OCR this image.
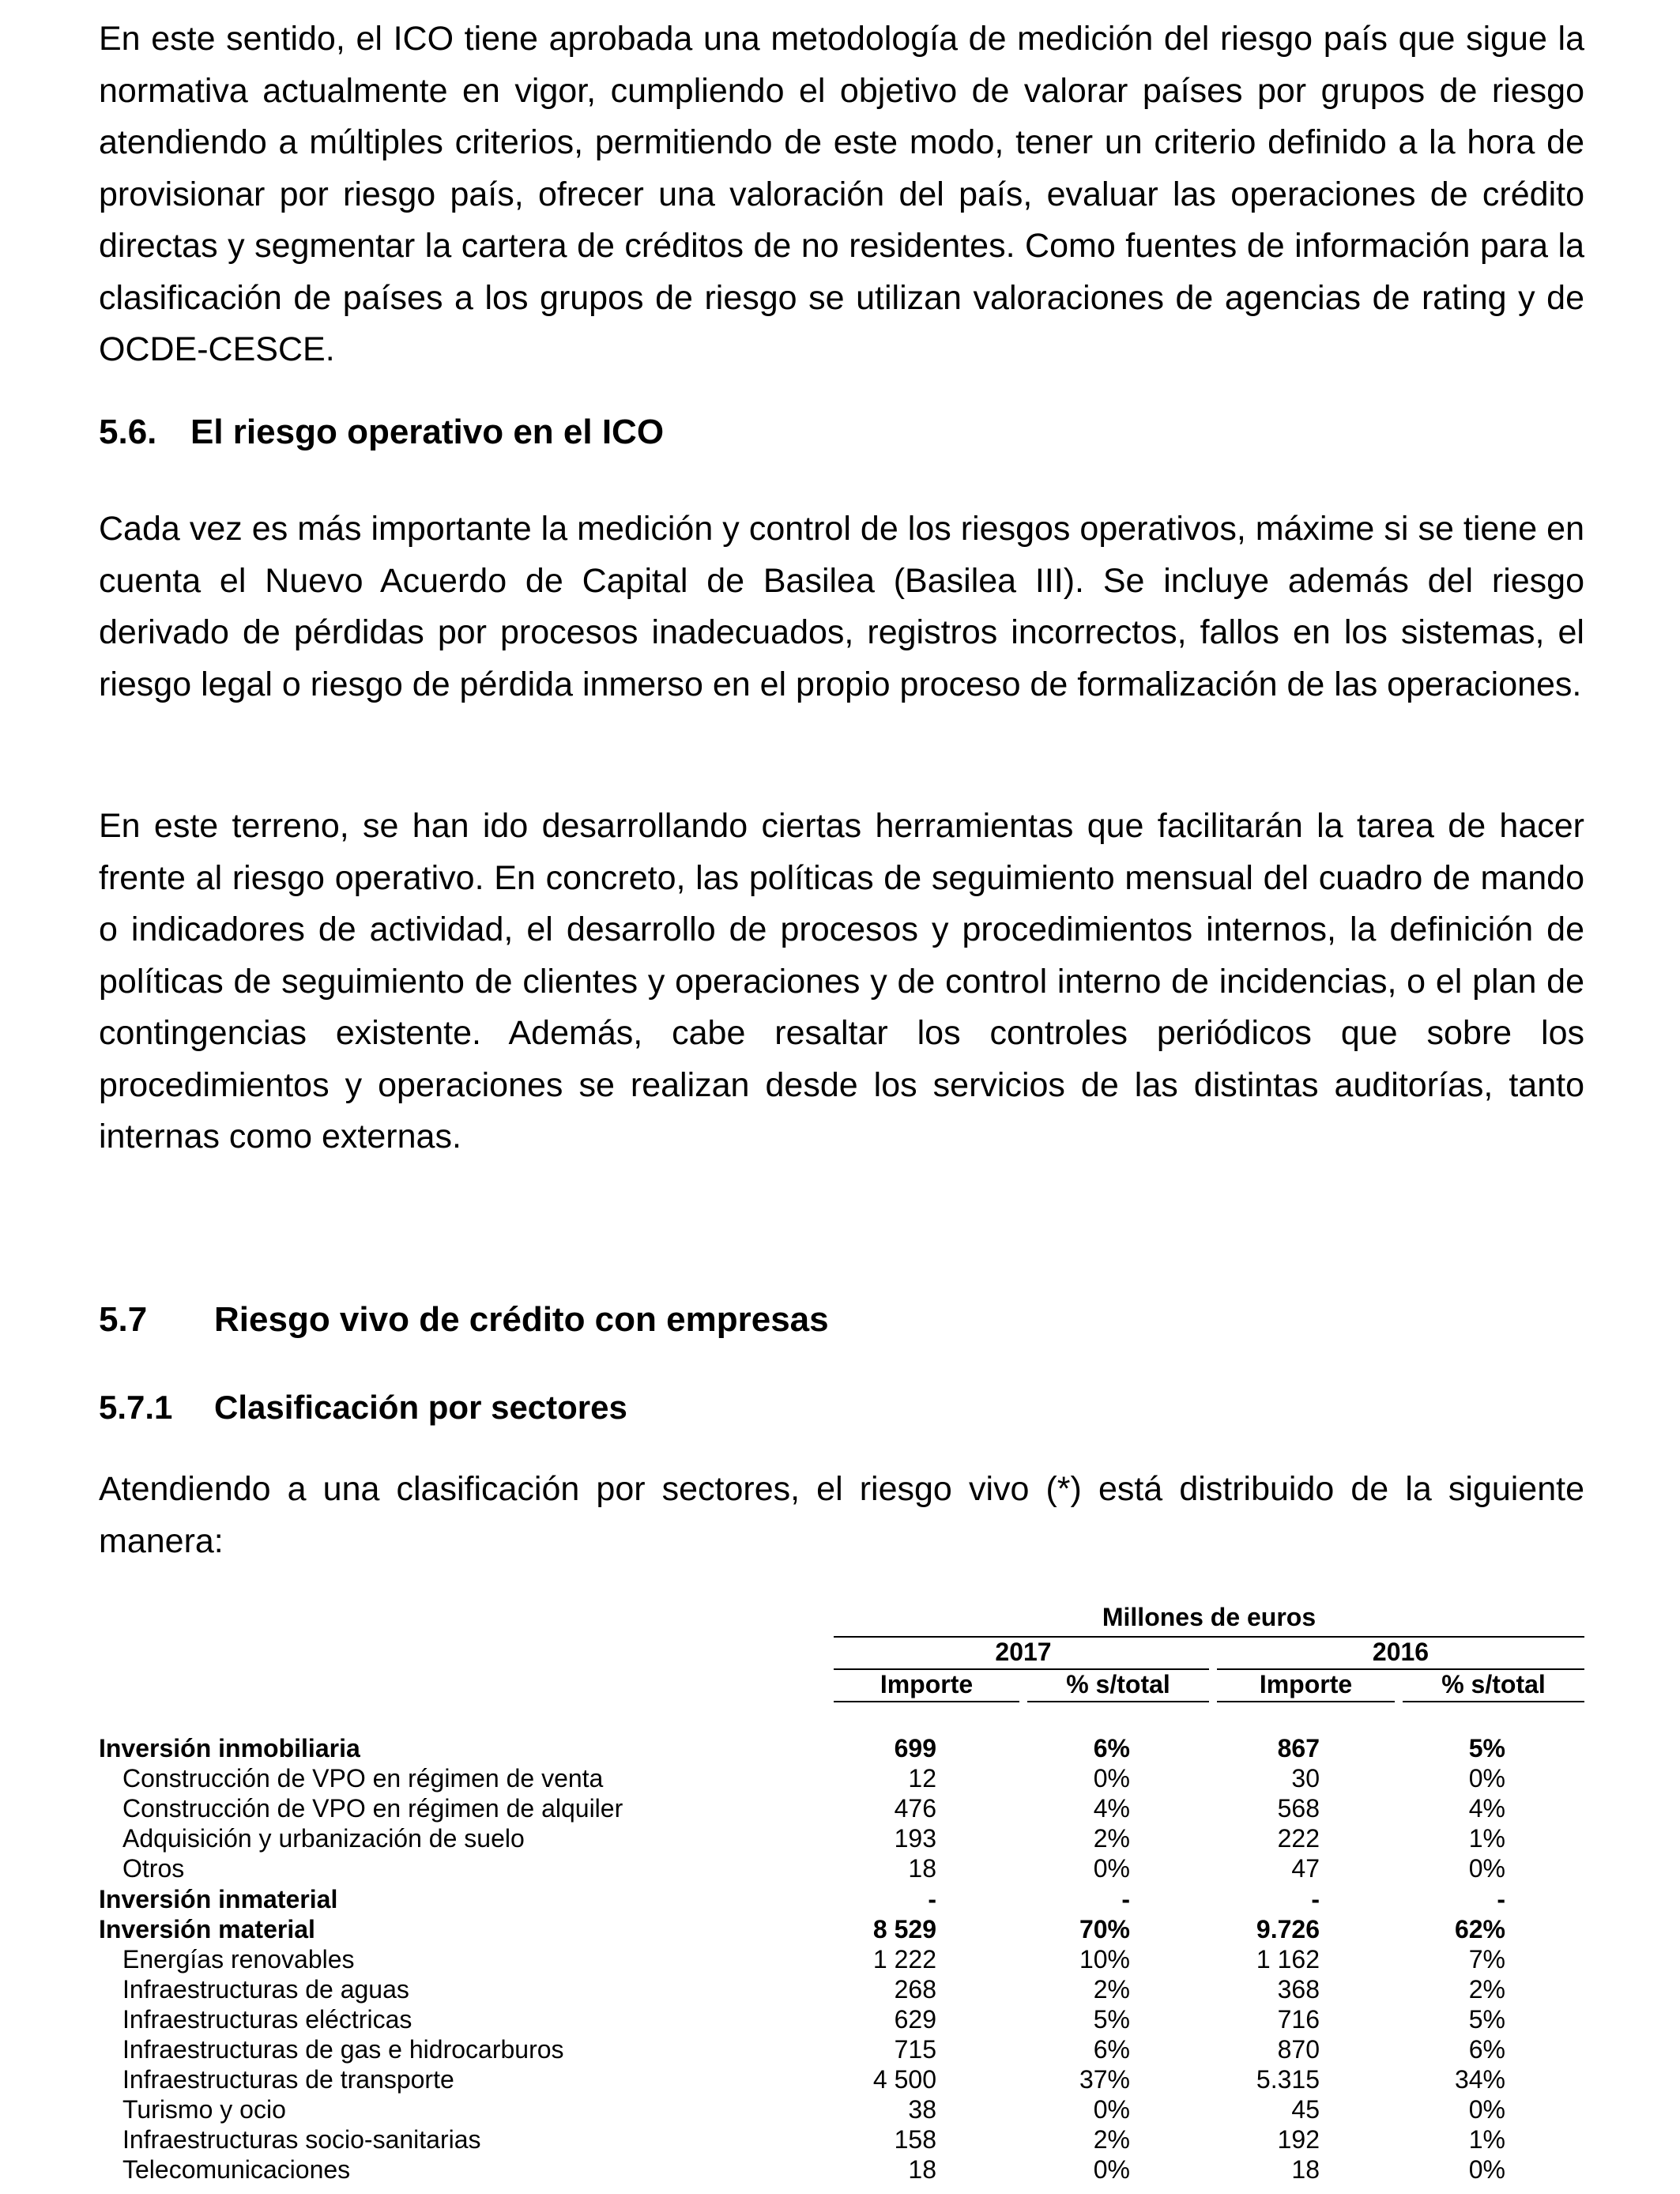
En este sentido, el ICO tiene aprobada una metodología de medición del riesgo país que sigue la normativa actualmente en vigor, cumpliendo el objetivo de valorar países por grupos de riesgo atendiendo a múltiples criterios, permitiendo de este modo, tener un criterio definido a la hora de provisionar por riesgo país, ofrecer una valoración del país, evaluar las operaciones de crédito directas y segmentar la cartera de créditos de no residentes. Como fuentes de información para la clasificación de países a los grupos de riesgo se utilizan valoraciones de agencias de rating y de OCDE-CESCE.

5.6. El riesgo operativo en el ICO

Cada vez es más importante la medición y control de los riesgos operativos, máxime si se tiene en cuenta el Nuevo Acuerdo de Capital de Basilea (Basilea III). Se incluye además del riesgo derivado de pérdidas por procesos inadecuados, registros incorrectos, fallos en los sistemas, el riesgo legal o riesgo de pérdida inmerso en el propio proceso de formalización de las operaciones.

En este terreno, se han ido desarrollando ciertas herramientas que facilitarán la tarea de hacer frente al riesgo operativo. En concreto, las políticas de seguimiento mensual del cuadro de mando o indicadores de actividad, el desarrollo de procesos y procedimientos internos, la definición de políticas de seguimiento de clientes y operaciones y de control interno de incidencias, o el plan de contingencias existente. Además, cabe resaltar los controles periódicos que sobre los procedimientos y operaciones se realizan desde los servicios de las distintas auditorías, tanto internas como externas.

5.7 Riesgo vivo de crédito con empresas
5.7.1 Clasificación por sectores

Atendiendo a una clasificación por sectores, el riesgo vivo (*) está distribuido de la siguiente manera:

Millones de euros
2017	2016
Importe	% s/total	Importe	% s/total
Inversión inmobiliaria	699	6%	867	5%
Construcción de VPO en régimen de venta	12	0%	30	0%
Construcción de VPO en régimen de alquiler	476	4%	568	4%
Adquisición y urbanización de suelo	193	2%	222	1%
Otros	18	0%	47	0%
Inversión inmaterial	-	-	-	-
Inversión material	8 529	70%	9.726	62%
Energías renovables	1 222	10%	1 162	7%
Infraestructuras de aguas	268	2%	368	2%
Infraestructuras eléctricas	629	5%	716	5%
Infraestructuras de gas e hidrocarburos	715	6%	870	6%
Infraestructuras de transporte	4 500	37%	5.315	34%
Turismo y ocio	38	0%	45	0%
Infraestructuras socio-sanitarias	158	2%	192	1%
Telecomunicaciones	18	0%	18	0%
